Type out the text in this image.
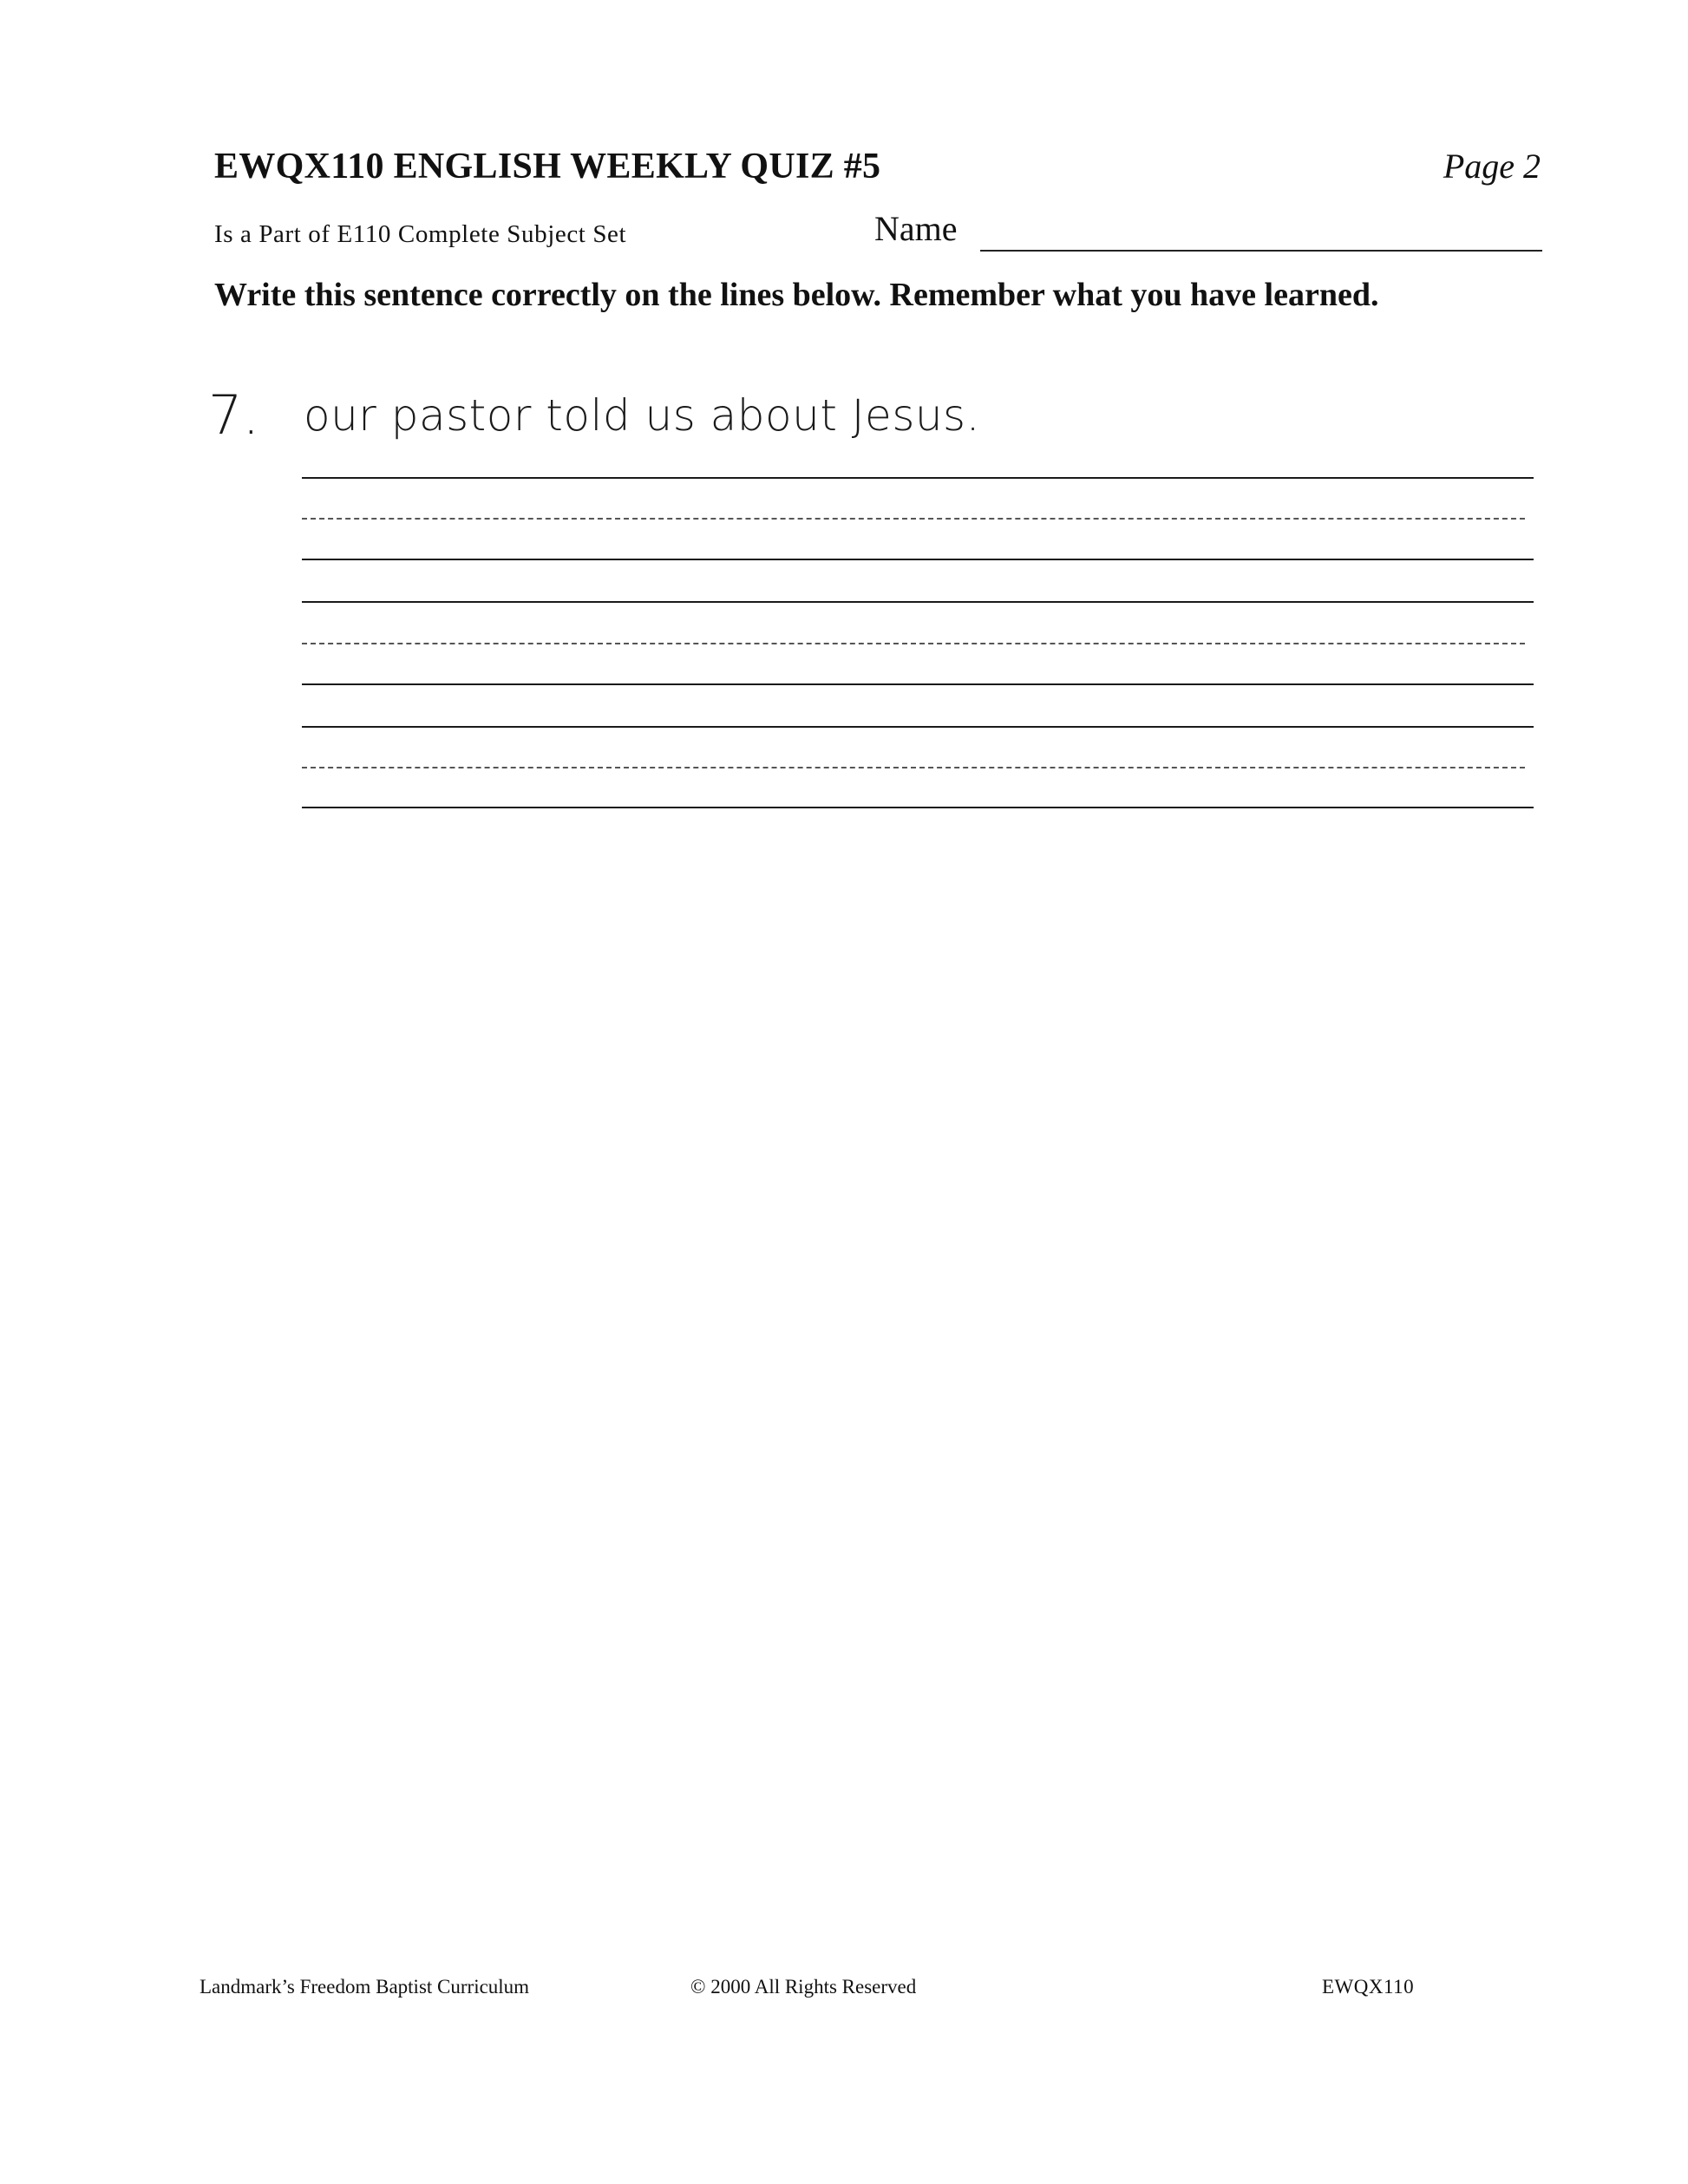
EWQX110 ENGLISH WEEKLY QUIZ #5	Page 2
Is a Part of E110 Complete Subject Set	Name
Write this sentence correctly on the lines below. Remember what you have learned.
7. our pastor told us about Jesus.
Landmark’s Freedom Baptist Curriculum	© 2000 All Rights Reserved	EWQX110
